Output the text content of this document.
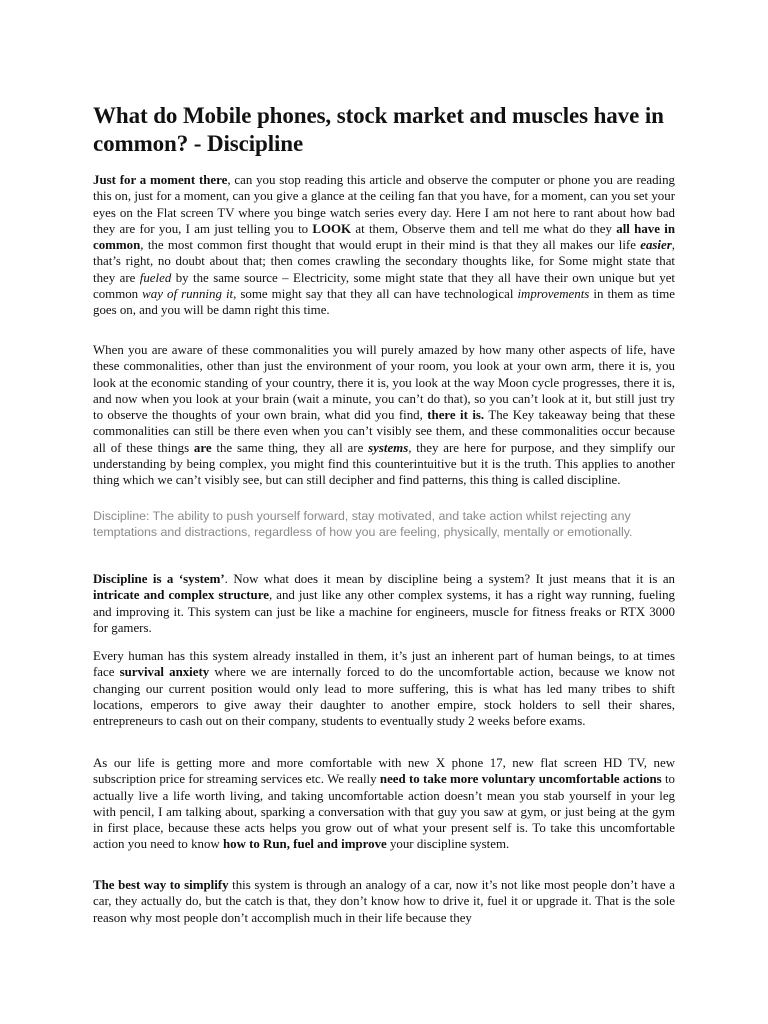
What do Mobile phones, stock market and muscles have in common? - Discipline

Just for a moment there, can you stop reading this article and observe the computer or phone you are reading this on, just for a moment, can you give a glance at the ceiling fan that you have, for a moment, can you set your eyes on the Flat screen TV where you binge watch series every day. Here I am not here to rant about how bad they are for you, I am just telling you to LOOK at them, Observe them and tell me what do they all have in common, the most common first thought that would erupt in their mind is that they all makes our life easier, that’s right, no doubt about that; then comes crawling the secondary thoughts like, for Some might state that they are fueled by the same source – Electricity, some might state that they all have their own unique but yet common way of running it, some might say that they all can have technological improvements in them as time goes on, and you will be damn right this time.

When you are aware of these commonalities you will purely amazed by how many other aspects of life, have these commonalities, other than just the environment of your room, you look at your own arm, there it is, you look at the economic standing of your country, there it is, you look at the way Moon cycle progresses, there it is, and now when you look at your brain (wait a minute, you can’t do that), so you can’t look at it, but still just try to observe the thoughts of your own brain, what did you find, there it is. The Key takeaway being that these commonalities can still be there even when you can’t visibly see them, and these commonalities occur because all of these things are the same thing, they all are systems, they are here for purpose, and they simplify our understanding by being complex, you might find this counterintuitive but it is the truth. This applies to another thing which we can’t visibly see, but can still decipher and find patterns, this thing is called discipline.

Discipline: The ability to push yourself forward, stay motivated, and take action whilst rejecting any temptations and distractions, regardless of how you are feeling, physically, mentally or emotionally.

Discipline is a ‘system’. Now what does it mean by discipline being a system? It just means that it is an intricate and complex structure, and just like any other complex systems, it has a right way running, fueling and improving it. This system can just be like a machine for engineers, muscle for fitness freaks or RTX 3000 for gamers.

Every human has this system already installed in them, it’s just an inherent part of human beings, to at times face survival anxiety where we are internally forced to do the uncomfortable action, because we know not changing our current position would only lead to more suffering, this is what has led many tribes to shift locations, emperors to give away their daughter to another empire, stock holders to sell their shares, entrepreneurs to cash out on their company, students to eventually study 2 weeks before exams.

As our life is getting more and more comfortable with new X phone 17, new flat screen HD TV, new subscription price for streaming services etc. We really need to take more voluntary uncomfortable actions to actually live a life worth living, and taking uncomfortable action doesn’t mean you stab yourself in your leg with pencil, I am talking about, sparking a conversation with that guy you saw at gym, or just being at the gym in first place, because these acts helps you grow out of what your present self is. To take this uncomfortable action you need to know how to Run, fuel and improve your discipline system.

The best way to simplify this system is through an analogy of a car, now it’s not like most people don’t have a car, they actually do, but the catch is that, they don’t know how to drive it, fuel it or upgrade it. That is the sole reason why most people don’t accomplish much in their life because they
